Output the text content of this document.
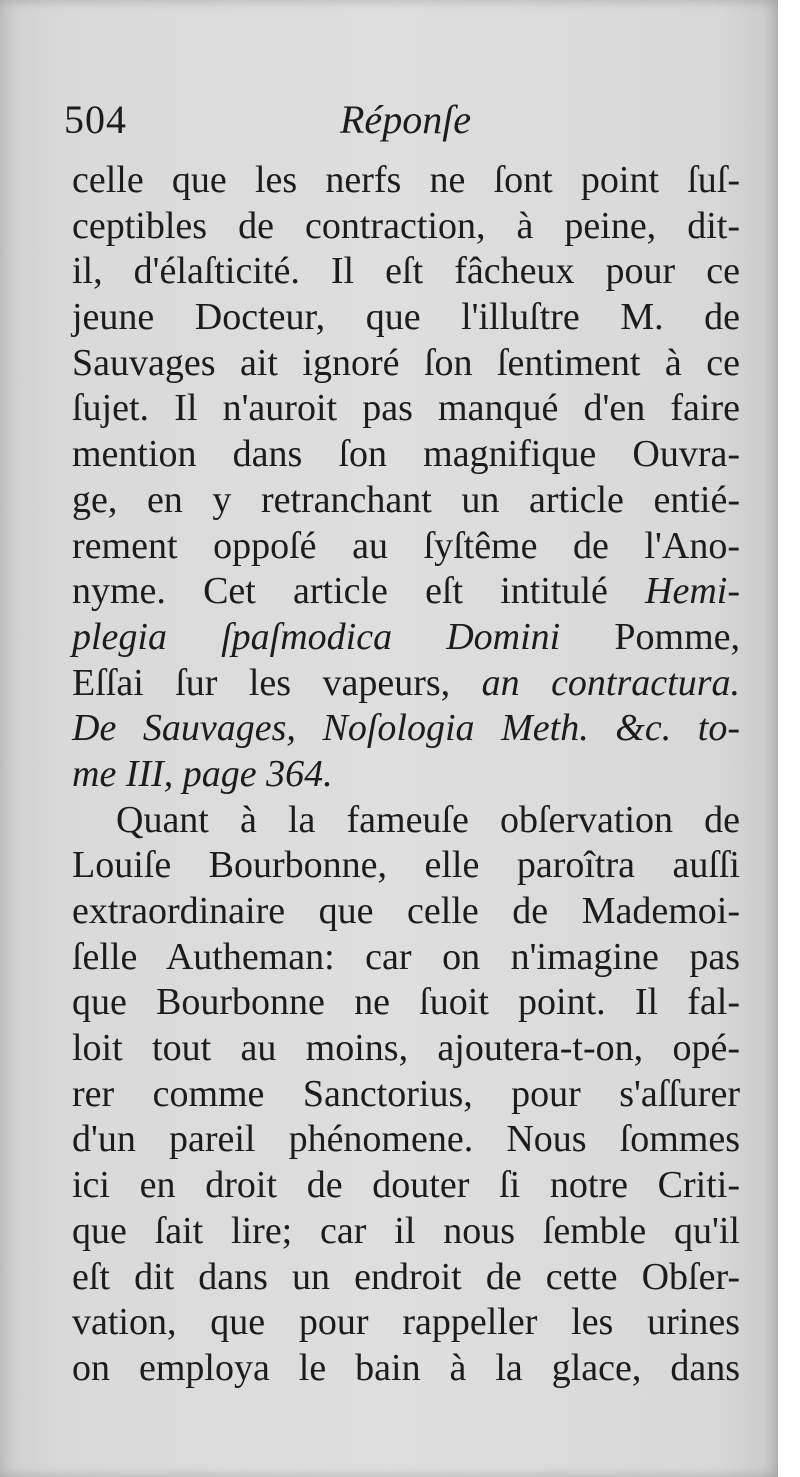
504	Réponſe
celle que les nerfs ne ſont point ſuſ-
ceptibles de contraction, à peine, dit-
il, d'élaſticité. Il eſt fâcheux pour ce
jeune Docteur, que l'illuſtre M. de
Sauvages ait ignoré ſon ſentiment à ce
ſujet. Il n'auroit pas manqué d'en faire
mention dans ſon magnifique Ouvra-
ge, en y retranchant un article entié-
rement oppoſé au ſyſtême de l'Ano-
nyme. Cet article eſt intitulé Hemi-
plegia ſpaſmodica Domini Pomme,
Eſſai ſur les vapeurs, an contractura.
De Sauvages, Noſologia Meth. &c. to-
me III, page 364.
Quant à la fameuſe obſervation de
Louiſe Bourbonne, elle paroîtra auſſi
extraordinaire que celle de Mademoi-
ſelle Autheman: car on n'imagine pas
que Bourbonne ne ſuoit point. Il fal-
loit tout au moins, ajoutera-t-on, opé-
rer comme Sanctorius, pour s'aſſurer
d'un pareil phénomene. Nous ſommes
ici en droit de douter ſi notre Criti-
que ſait lire; car il nous ſemble qu'il
eſt dit dans un endroit de cette Obſer-
vation, que pour rappeller les urines
on employa le bain à la glace, dans
